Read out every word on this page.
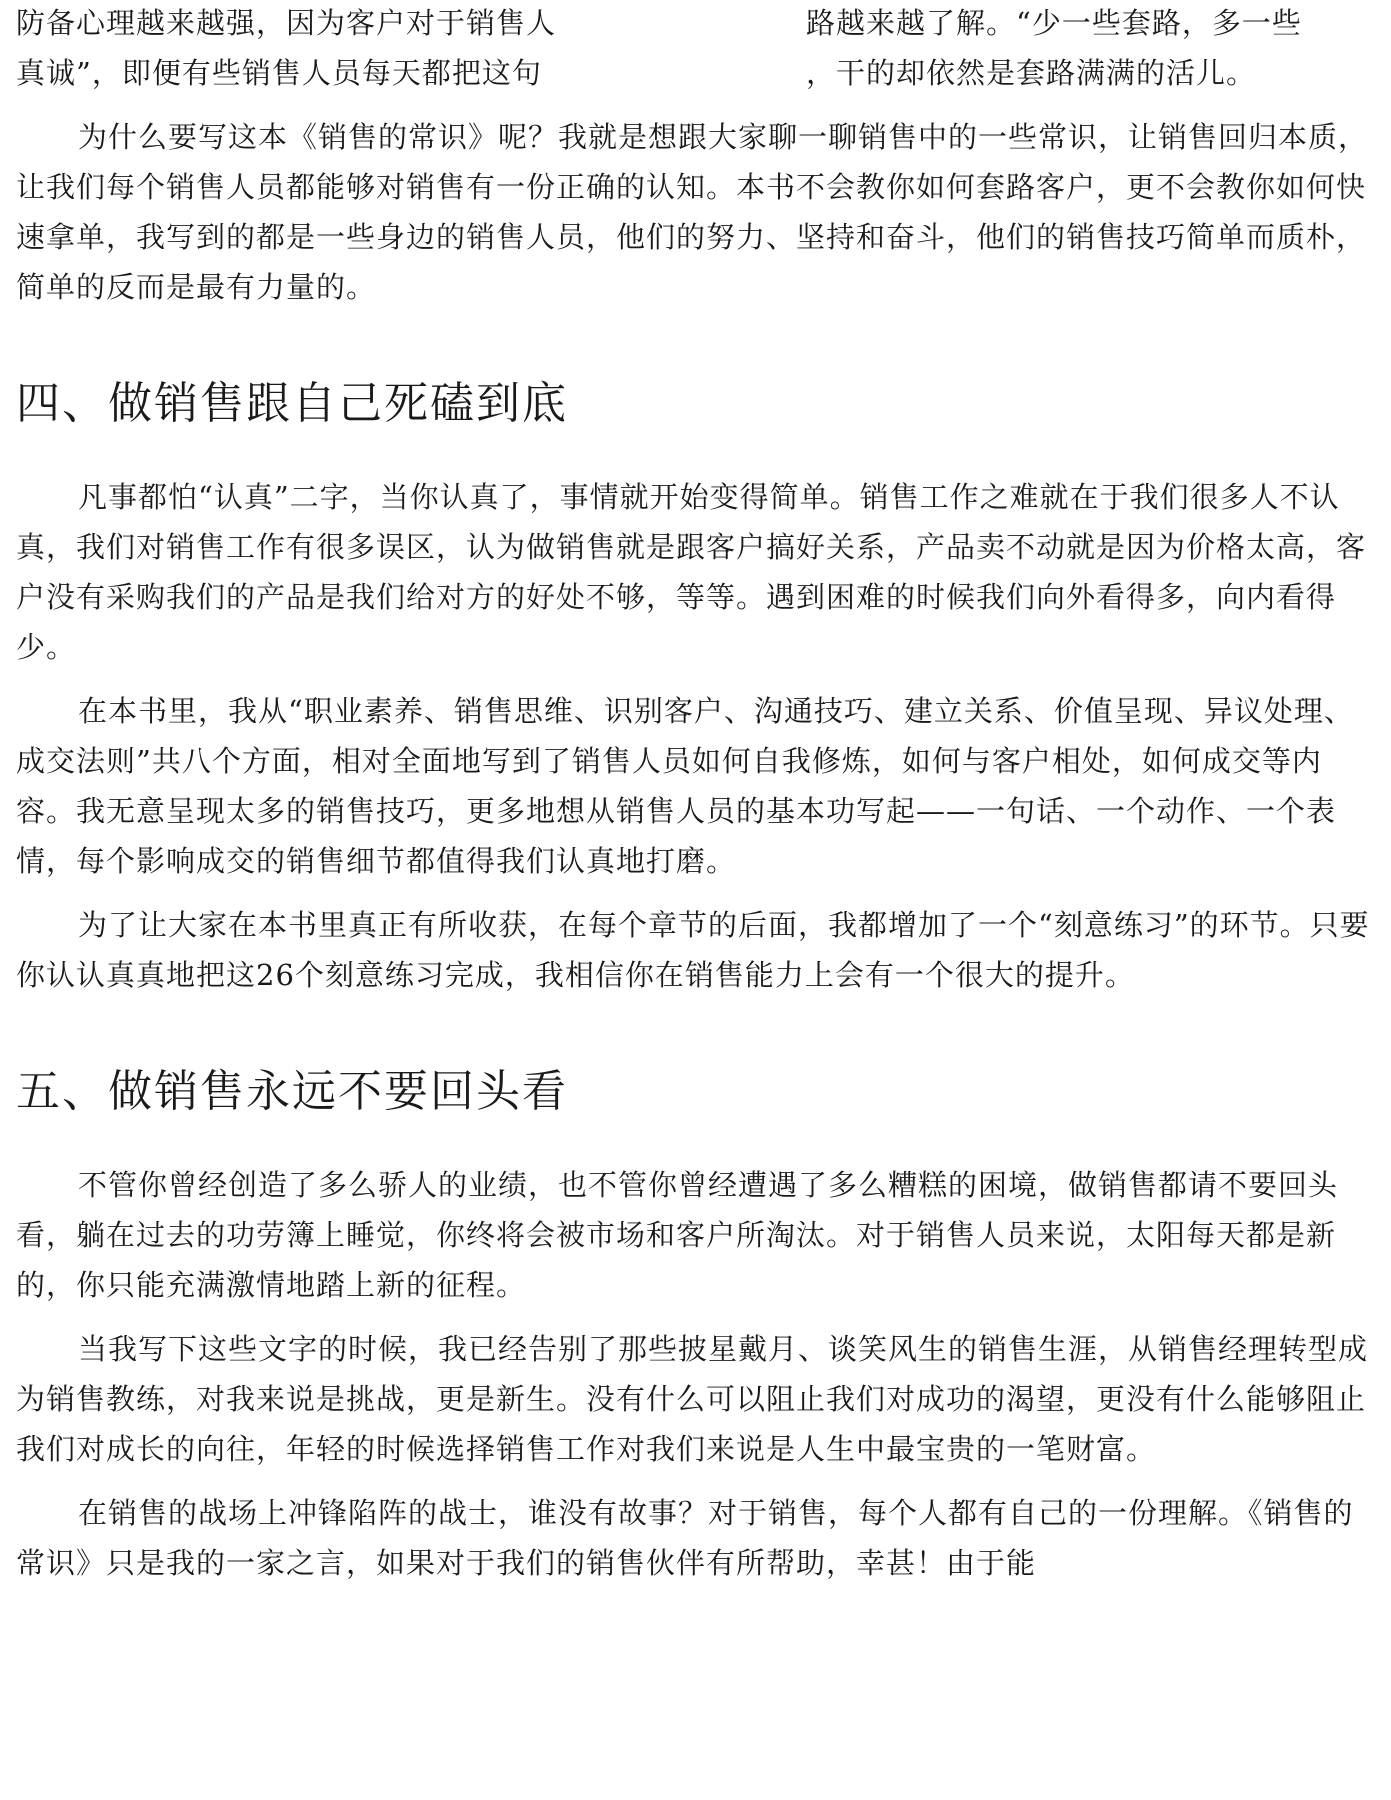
防备心理越来越强，因为客户对于销售人	路越来越了解。“少一些套路，多一些
真诚”，即便有些销售人员每天都把这句	，干的却依然是套路满满的活儿。

为什么要写这本《销售的常识》呢？我就是想跟大家聊一聊销售中的一些常识，让销售回归本质，让我们每个销售人员都能够对销售有一份正确的认知。本书不会教你如何套路客户，更不会教你如何快速拿单，我写到的都是一些身边的销售人员，他们的努力、坚持和奋斗，他们的销售技巧简单而质朴，简单的反而是最有力量的。

四、做销售跟自己死磕到底

凡事都怕“认真”二字，当你认真了，事情就开始变得简单。销售工作之难就在于我们很多人不认真，我们对销售工作有很多误区，认为做销售就是跟客户搞好关系，产品卖不动就是因为价格太高，客户没有采购我们的产品是我们给对方的好处不够，等等。遇到困难的时候我们向外看得多，向内看得少。

在本书里，我从“职业素养、销售思维、识别客户、沟通技巧、建立关系、价值呈现、异议处理、成交法则”共八个方面，相对全面地写到了销售人员如何自我修炼，如何与客户相处，如何成交等内容。我无意呈现太多的销售技巧，更多地想从销售人员的基本功写起——一句话、一个动作、一个表情，每个影响成交的销售细节都值得我们认真地打磨。

为了让大家在本书里真正有所收获，在每个章节的后面，我都增加了一个“刻意练习”的环节。只要你认认真真地把这26个刻意练习完成，我相信你在销售能力上会有一个很大的提升。

五、做销售永远不要回头看

不管你曾经创造了多么骄人的业绩，也不管你曾经遭遇了多么糟糕的困境，做销售都请不要回头看，躺在过去的功劳簿上睡觉，你终将会被市场和客户所淘汰。对于销售人员来说，太阳每天都是新的，你只能充满激情地踏上新的征程。

当我写下这些文字的时候，我已经告别了那些披星戴月、谈笑风生的销售生涯，从销售经理转型成为销售教练，对我来说是挑战，更是新生。没有什么可以阻止我们对成功的渴望，更没有什么能够阻止我们对成长的向往，年轻的时候选择销售工作对我们来说是人生中最宝贵的一笔财富。

在销售的战场上冲锋陷阵的战士，谁没有故事？对于销售，每个人都有自己的一份理解。《销售的常识》只是我的一家之言，如果对于我们的销售伙伴有所帮助，幸甚！由于能
